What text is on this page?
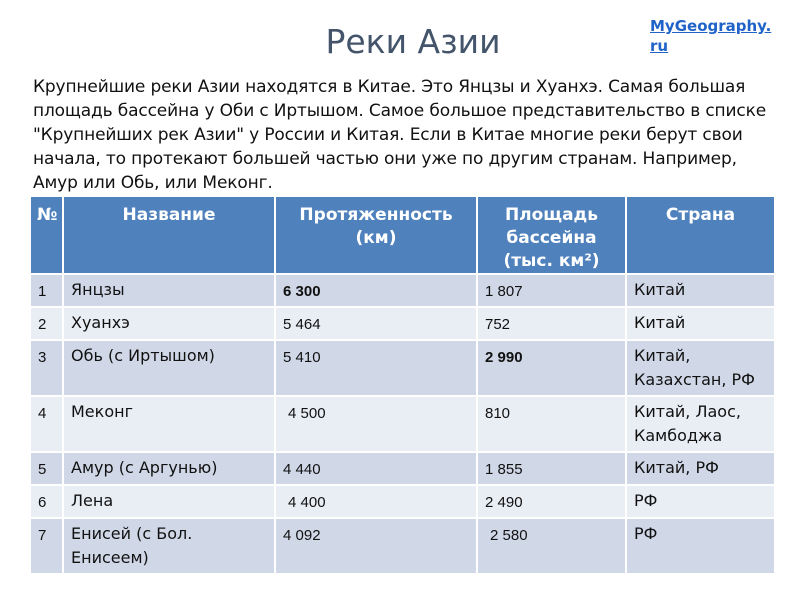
Реки Азии	MyGeography.
ru
Крупнейшие реки Азии находятся в Китае. Это Янцзы и Хуанхэ. Самая большая площадь бассейна у Оби с Иртышом. Самое большое представительство в списке "Крупнейших рек Азии" у России и Китая. Если в Китае многие реки берут свои начала, то протекают большей частью они уже по другим странам. Например, Амур или Обь, или Меконг.
№	Название	Протяженность (км)	Площадь бассейна (тыс. км²)	Страна
1	Янцзы	6 300	1 807	Китай
2	Хуанхэ	5 464	752	Китай
3	Обь (с Иртышом)	5 410	2 990	Китай, Казахстан, РФ
4	Меконг	4 500	810	Китай, Лаос, Камбоджа
5	Амур (с Аргунью)	4 440	1 855	Китай, РФ
6	Лена	4 400	2 490	РФ
7	Енисей (с Бол. Енисеем)	4 092	2 580	РФ
